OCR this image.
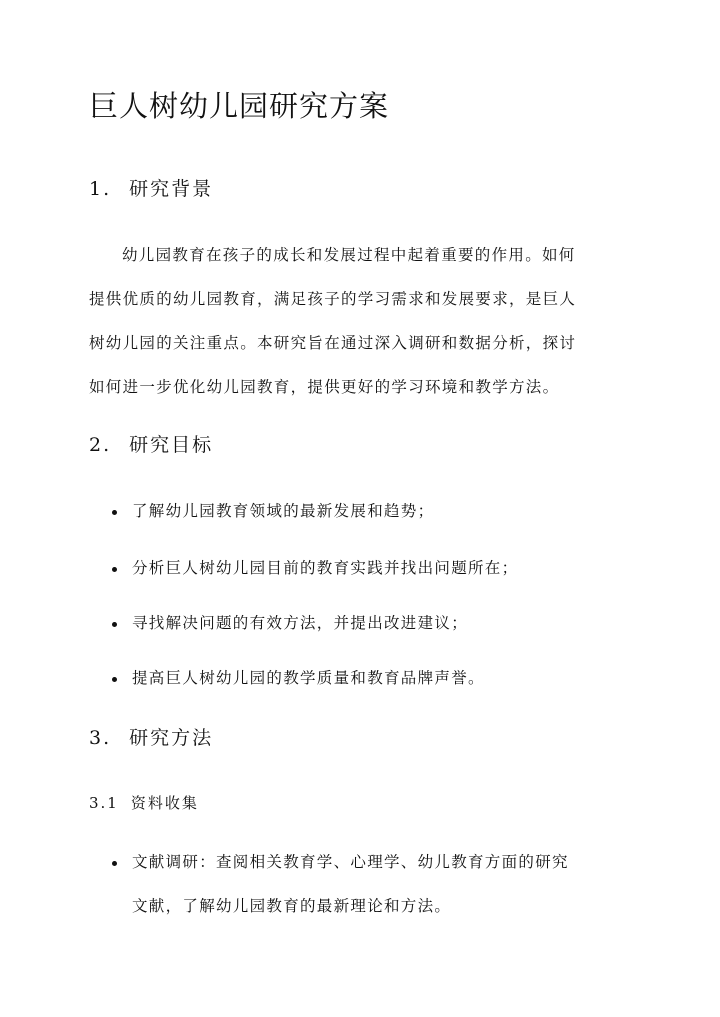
巨人树幼儿园研究方案
1. 研究背景
幼儿园教育在孩子的成长和发展过程中起着重要的作用。如何
提供优质的幼儿园教育，满足孩子的学习需求和发展要求，是巨人
树幼儿园的关注重点。本研究旨在通过深入调研和数据分析，探讨
如何进一步优化幼儿园教育，提供更好的学习环境和教学方法。
2. 研究目标
了解幼儿园教育领域的最新发展和趋势；
分析巨人树幼儿园目前的教育实践并找出问题所在；
寻找解决问题的有效方法，并提出改进建议；
提高巨人树幼儿园的教学质量和教育品牌声誉。
3. 研究方法
3.1 资料收集
文献调研：查阅相关教育学、心理学、幼儿教育方面的研究
文献，了解幼儿园教育的最新理论和方法。
